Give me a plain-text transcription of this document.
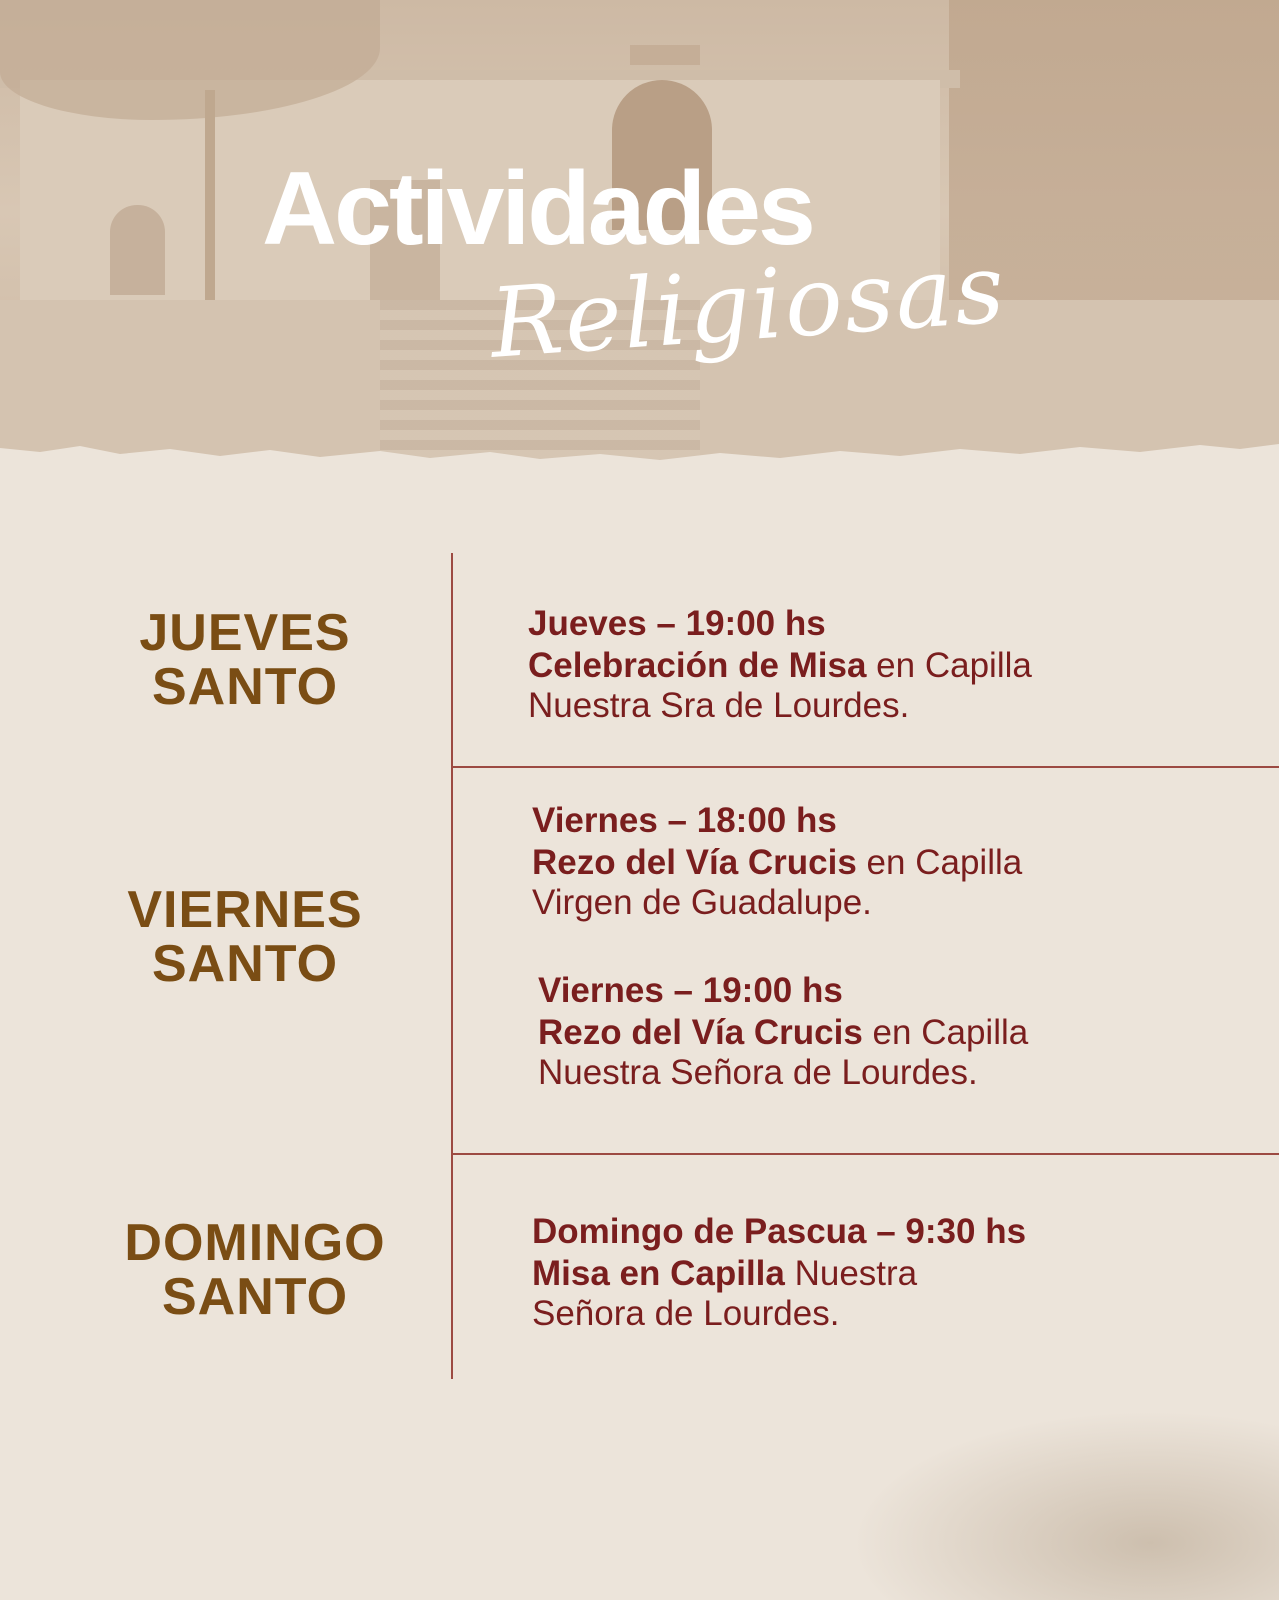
Actividades
Religiosas
JUEVES
SANTO
VIERNES
SANTO
DOMINGO
SANTO
Jueves – 19:00 hs
Celebración de Misa en Capilla
Nuestra Sra de Lourdes.
Viernes – 18:00 hs
Rezo del Vía Crucis en Capilla
Virgen de Guadalupe.
Viernes – 19:00 hs
Rezo del Vía Crucis en Capilla
Nuestra Señora de Lourdes.
Domingo de Pascua – 9:30 hs
Misa en Capilla Nuestra
Señora de Lourdes.
